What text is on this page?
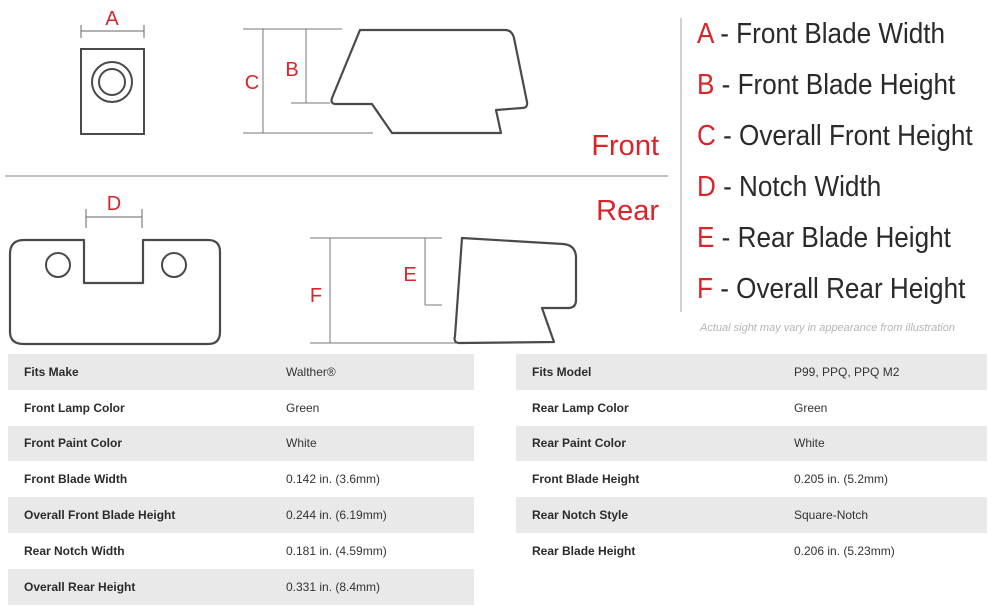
A
C
B
Front
D	Rear
F
E
A - Front Blade Width
B - Front Blade Height
C - Overall Front Height
D - Notch Width
E - Rear Blade Height
F - Overall Rear Height
Actual sight may vary in appearance from illustration
Fits Make	Walther®
Front Lamp Color	Green
Front Paint Color	White
Front Blade Width	0.142 in. (3.6mm)
Overall Front Blade Height	0.244 in. (6.19mm)
Rear Notch Width	0.181 in. (4.59mm)
Overall Rear Height	0.331 in. (8.4mm)
Fits Model	P99, PPQ, PPQ M2
Rear Lamp Color	Green
Rear Paint Color	White
Front Blade Height	0.205 in. (5.2mm)
Rear Notch Style	Square-Notch
Rear Blade Height	0.206 in. (5.23mm)
